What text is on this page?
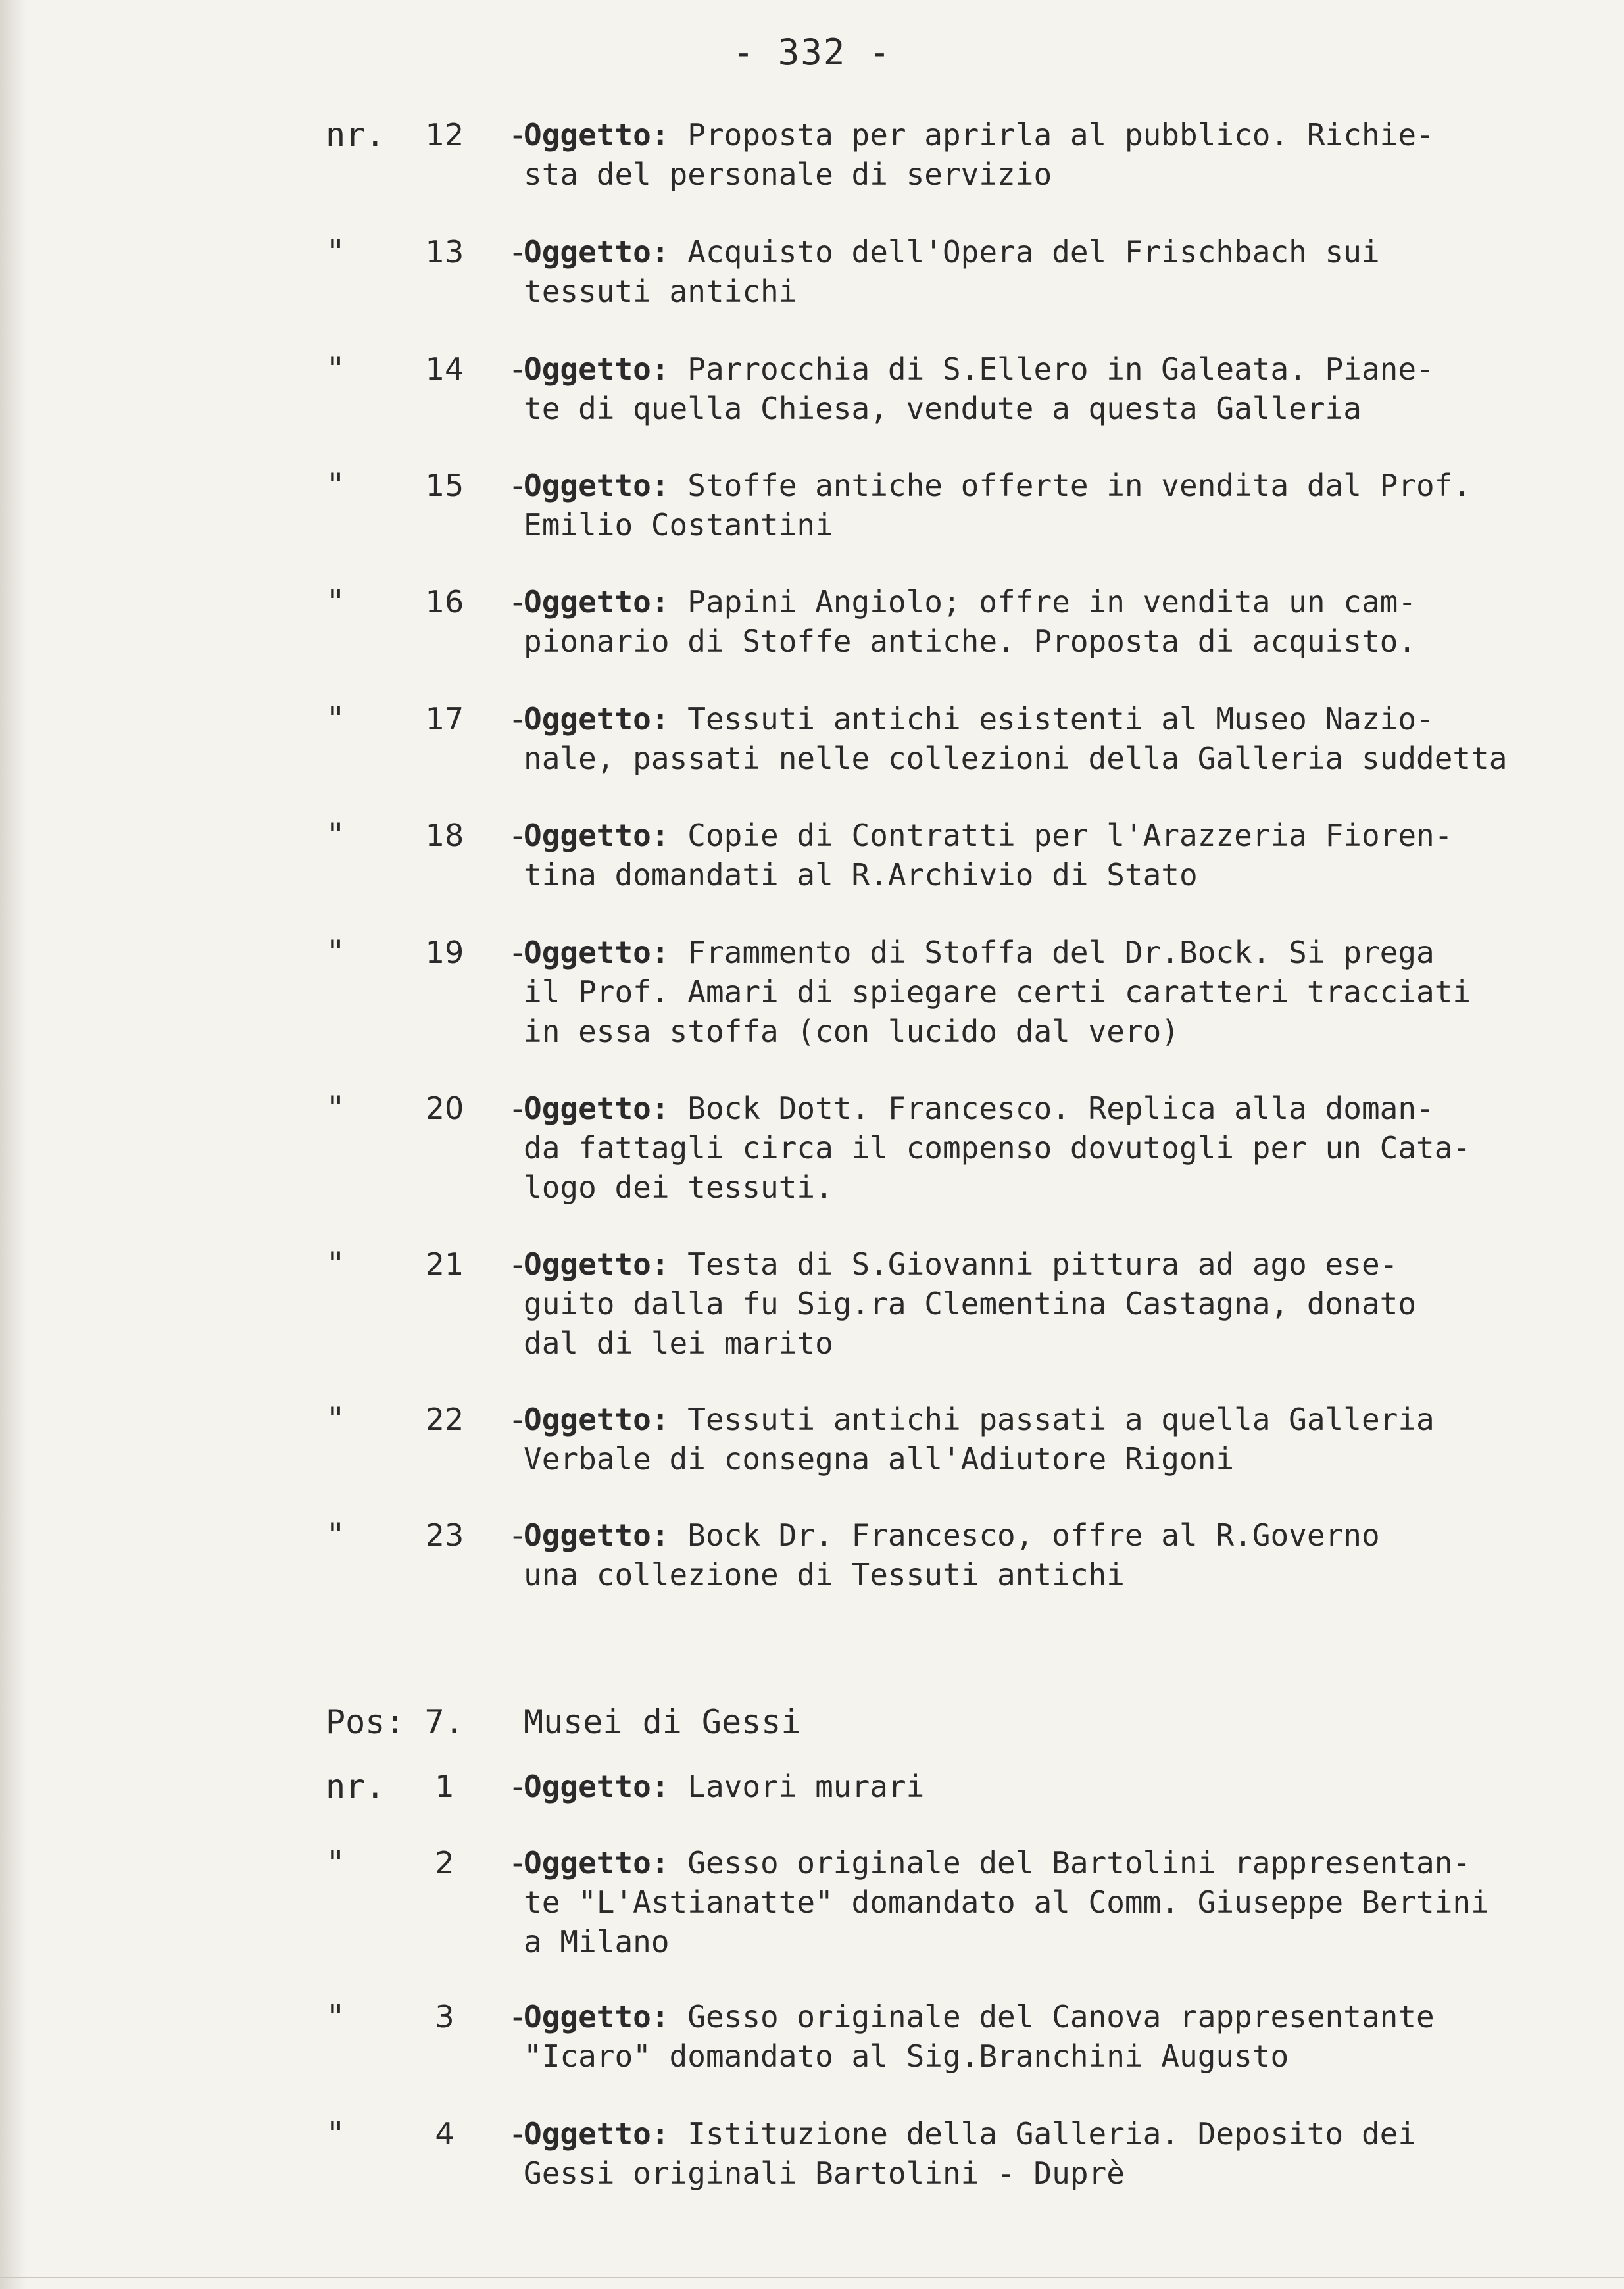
- 332 -
nr. 12 -
Oggetto: Proposta per aprirla al pubblico. Richie-
sta del personale di servizio
"	13 -
Oggetto: Acquisto dell'Opera del Frischbach sui
tessuti antichi
"	14 -
Oggetto: Parrocchia di S.Ellero in Galeata. Piane-
te di quella Chiesa, vendute a questa Galleria
"	15 -
Oggetto: Stoffe antiche offerte in vendita dal Prof.
Emilio Costantini
"	16 -
Oggetto: Papini Angiolo; offre in vendita un cam-
pionario di Stoffe antiche. Proposta di acquisto.
"	17 -
Oggetto: Tessuti antichi esistenti al Museo Nazio-
nale, passati nelle collezioni della Galleria suddetta
"	18 -
Oggetto: Copie di Contratti per l'Arazzeria Fioren-
tina domandati al R.Archivio di Stato
"	19 -
Oggetto: Frammento di Stoffa del Dr.Bock. Si prega
il Prof. Amari di spiegare certi caratteri tracciati
in essa stoffa (con lucido dal vero)
"	20 -
Oggetto: Bock Dott. Francesco. Replica alla doman-
da fattagli circa il compenso dovutogli per un Cata-
logo dei tessuti.
"	21 -
Oggetto: Testa di S.Giovanni pittura ad ago ese-
guito dalla fu Sig.ra Clementina Castagna, donato
dal di lei marito
"	22 -
Oggetto: Tessuti antichi passati a quella Galleria
Verbale di consegna all'Adiutore Rigoni
"	23 -
Oggetto: Bock Dr. Francesco, offre al R.Governo
una collezione di Tessuti antichi
Pos: 7. Musei di Gessi
nr.	1	-
Oggetto: Lavori murari
"	2	-
Oggetto: Gesso originale del Bartolini rappresentan-
te "L'Astianatte" domandato al Comm. Giuseppe Bertini
a Milano
"	3	-
Oggetto: Gesso originale del Canova rappresentante
"Icaro" domandato al Sig.Branchini Augusto
"	4	-
Oggetto: Istituzione della Galleria. Deposito dei
Gessi originali Bartolini - Duprè
